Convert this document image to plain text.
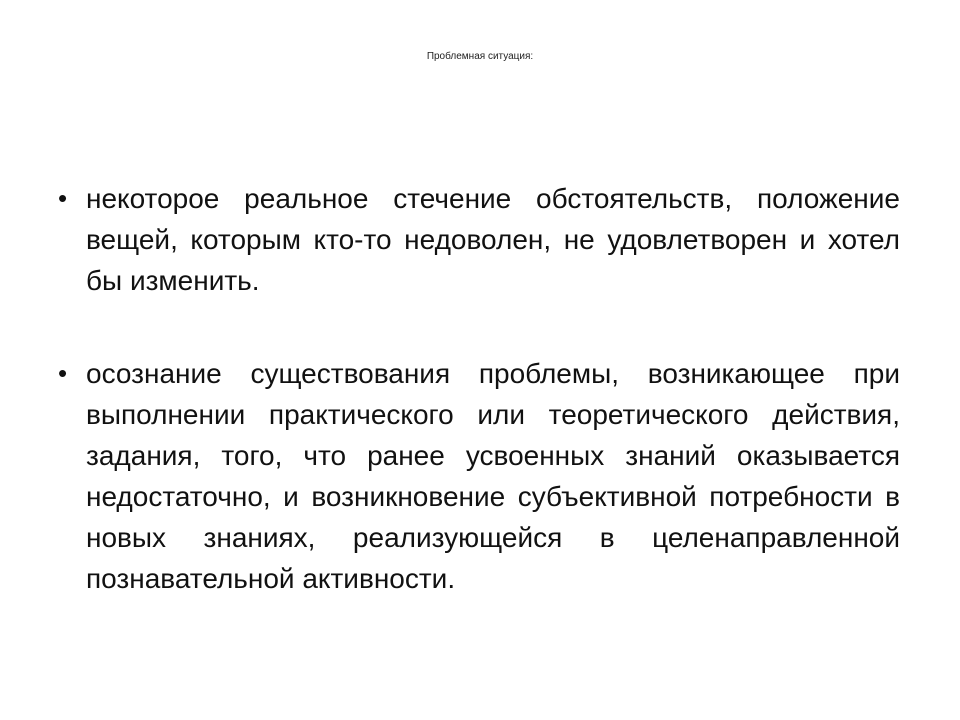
Проблемная ситуация:
• некоторое реальное стечение обстоятельств, положение вещей, которым кто-то недоволен, не удовлетворен и хотел бы изменить.
• осознание существования проблемы, возникающее при выполнении практического или теоретического действия, задания, того, что ранее усвоенных знаний оказывается недостаточно, и возникновение субъективной потребности в новых знаниях, реализующейся в целенаправленной познавательной активности.
